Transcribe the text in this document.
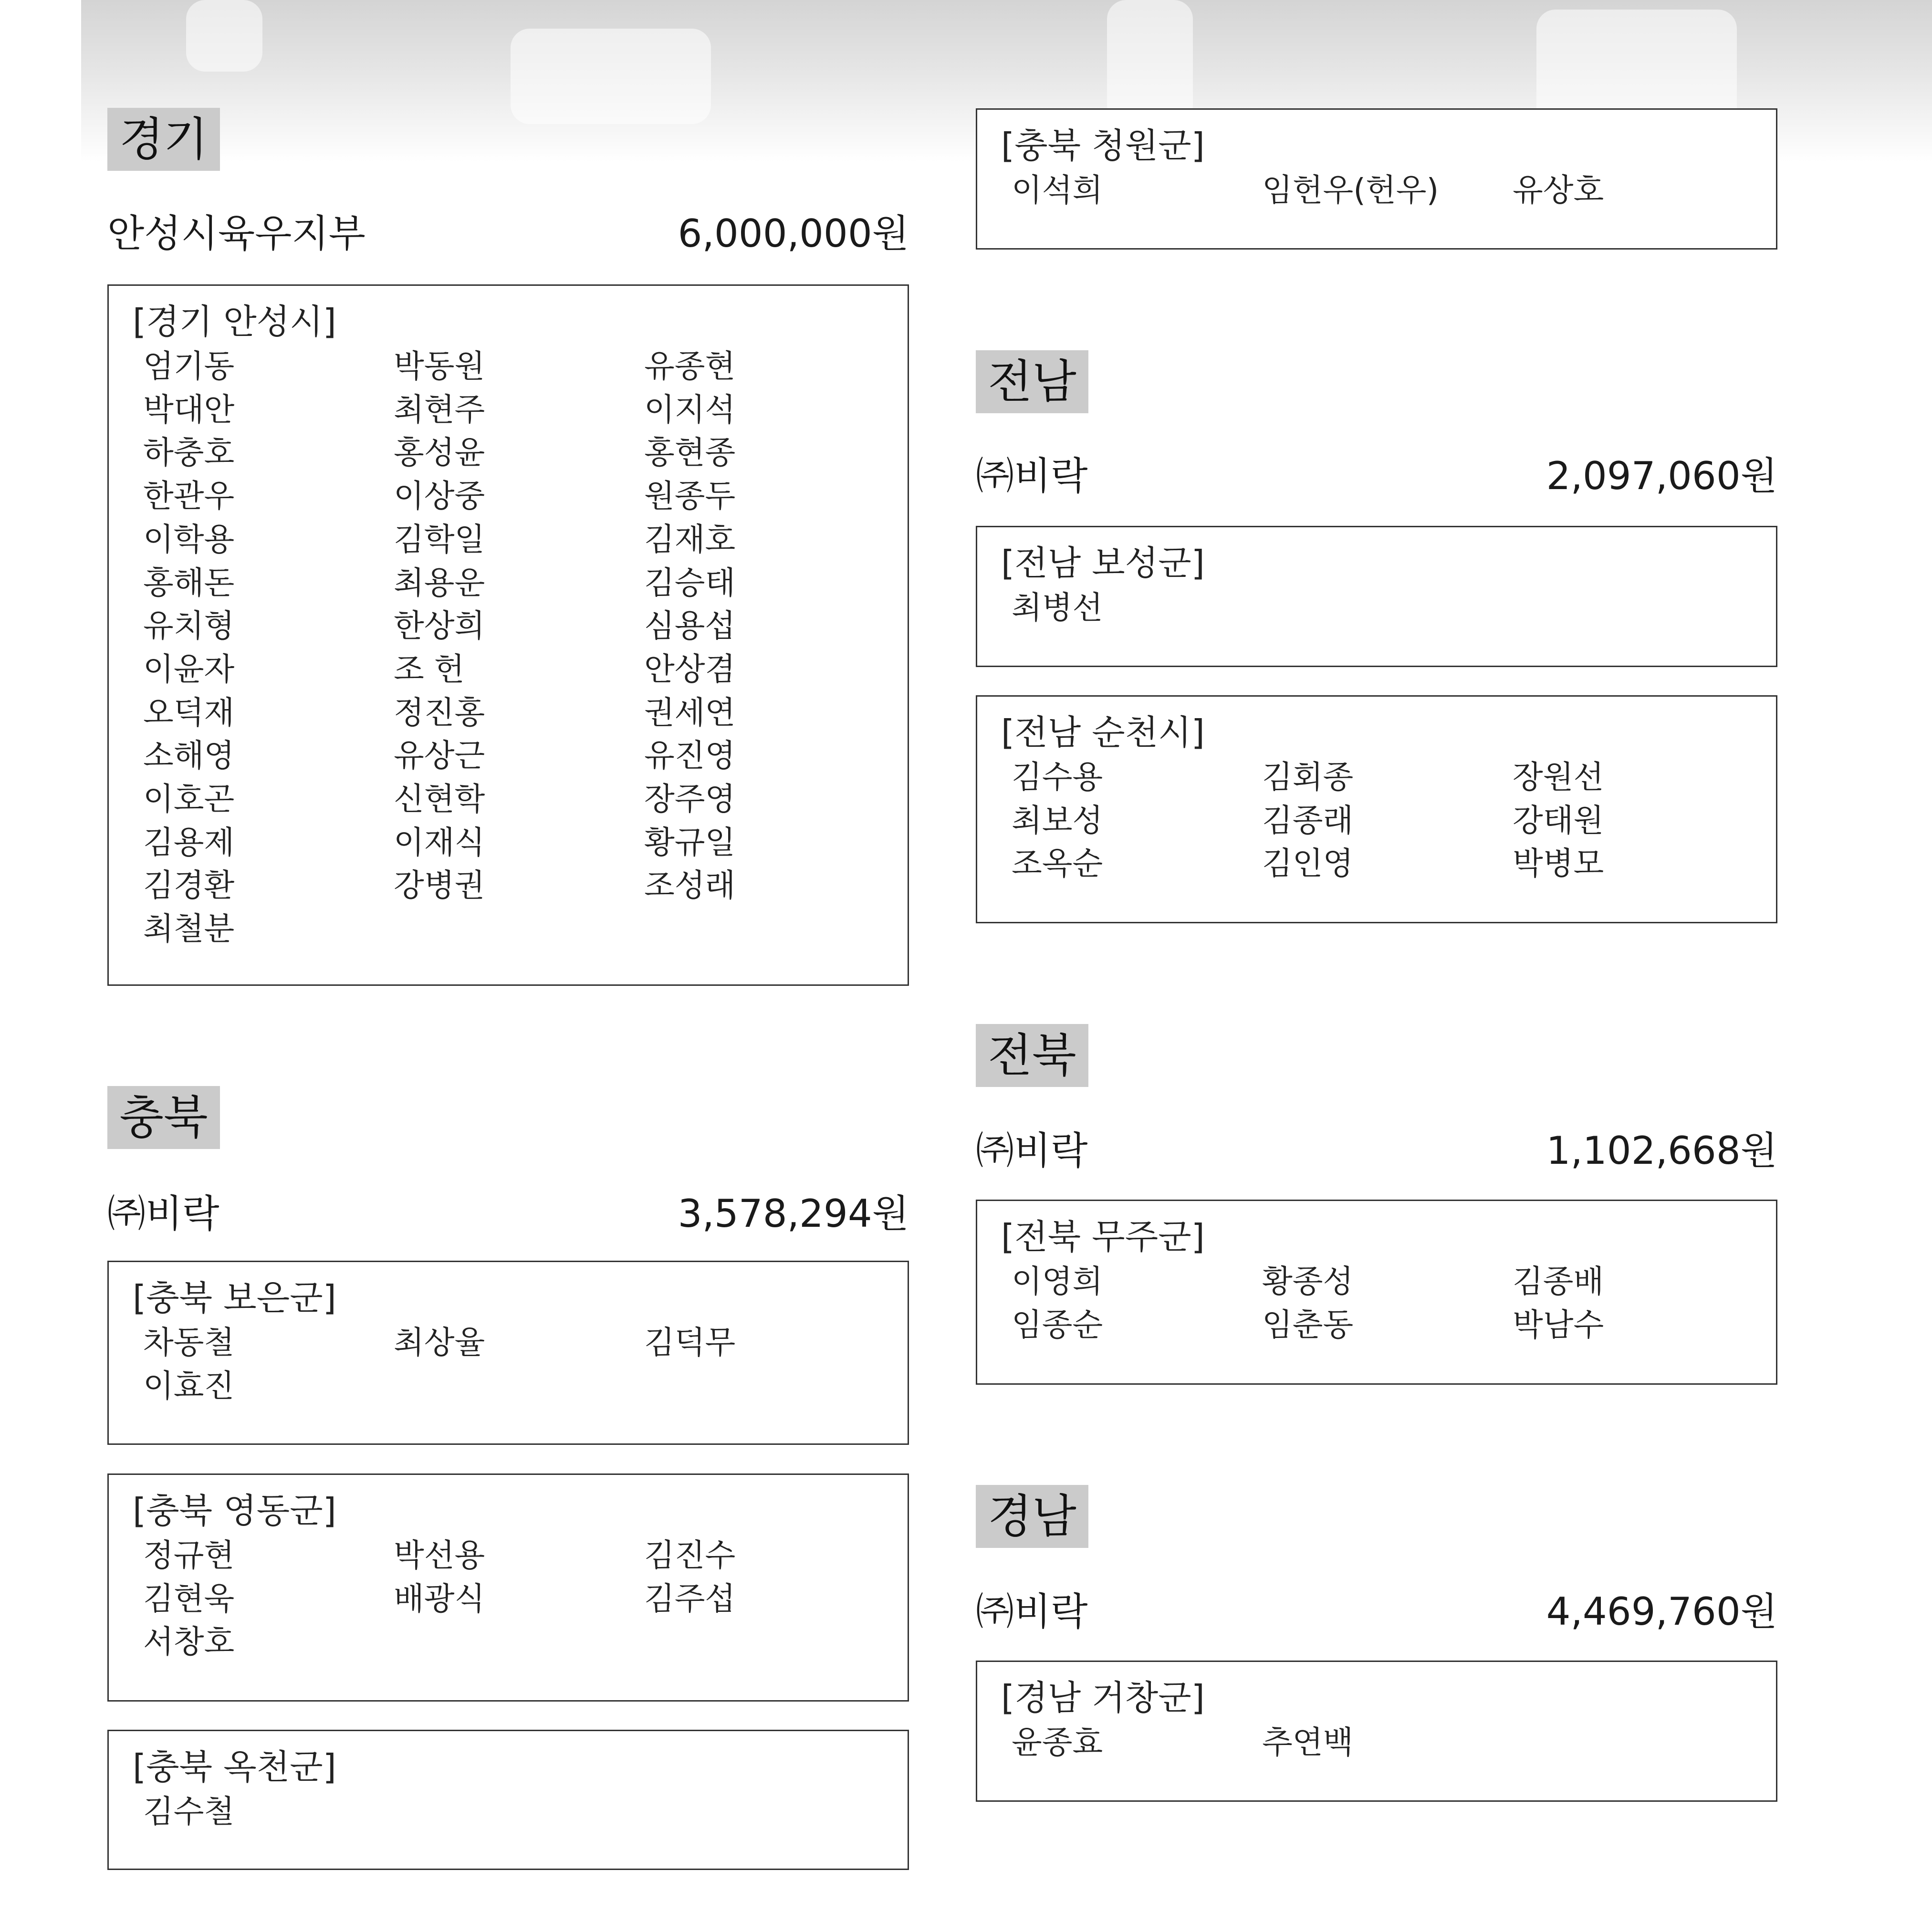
경기
안성시육우지부	6,000,000원
[경기 안성시]
엄기동	박동원	유종현
박대안	최현주	이지석
하충호	홍성윤	홍현종
한관우	이상중	원종두
이학용	김학일	김재호
홍해돈	최용운	김승태
유치형	한상희	심용섭
이윤자	조 헌	안상겸
오덕재	정진홍	권세연
소해영	유상근	유진영
이호곤	신현학	장주영
김용제	이재식	황규일
김경환	강병권	조성래
최철분
충북
㈜비락	3,578,294원
[충북 보은군]
차동철	최상율	김덕무
이효진
[충북 영동군]
정규현	박선용	김진수
김현욱	배광식	김주섭
서창호
[충북 옥천군]
김수철
[충북 청원군]
이석희	임헌우(헌우)	유상호
전남
㈜비락	2,097,060원
[전남 보성군]
최병선
[전남 순천시]
김수용	김회종	장원선
최보성	김종래	강태원
조옥순	김인영	박병모
전북
㈜비락	1,102,668원
[전북 무주군]
이영희	황종성	김종배
임종순	임춘동	박남수
경남
㈜비락	4,469,760원
[경남 거창군]
윤종효	추연백
